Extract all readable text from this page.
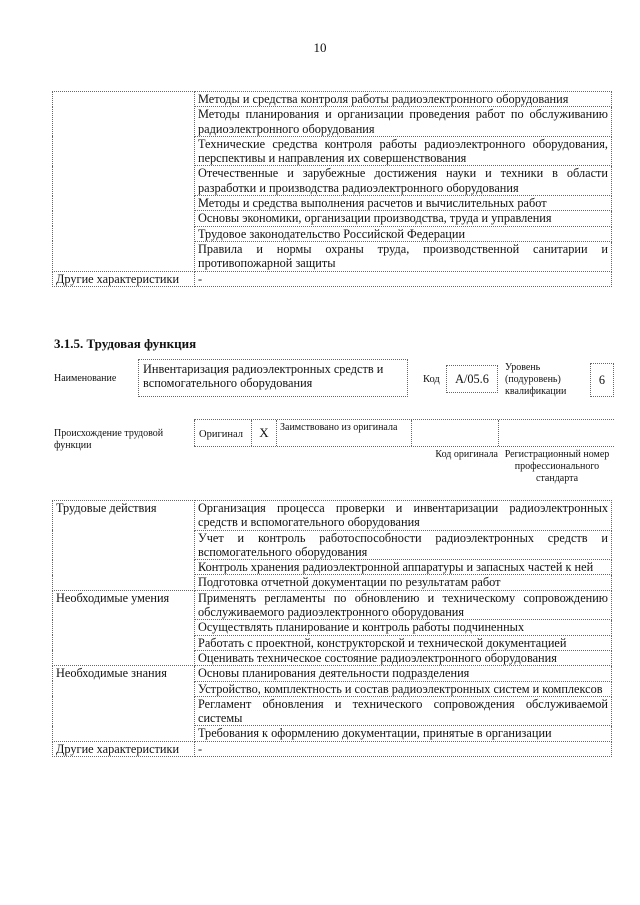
10
	Методы и средства контроля работы радиоэлектронного оборудования
	Методы планирования и организации проведения работ по обслуживанию радиоэлектронного оборудования
	Технические средства контроля работы радиоэлектронного оборудования, перспективы и направления их совершенствования
	Отечественные и зарубежные достижения науки и техники в области разработки и производства радиоэлектронного оборудования
	Методы и средства выполнения расчетов и вычислительных работ
	Основы экономики, организации производства, труда и управления
	Трудовое законодательство Российской Федерации
	Правила и нормы охраны труда, производственной санитарии и противопожарной защиты
Другие характеристики	-
3.1.5. Трудовая функция
Наименование
Инвентаризация радиоэлектронных средств и вспомогательного оборудования	Код	A/05.6
Уровень (подуровень) квалификации
6
Происхождение трудовой функции
Оригинал	X	Заимствовано из оригинала
Код оригинала Регистрационный номер профессионального стандарта
Трудовые действия	Организация процесса проверки и инвентаризации радиоэлектронных средств и вспомогательного оборудования
	Учет и контроль работоспособности радиоэлектронных средств и вспомогательного оборудования
	Контроль хранения радиоэлектронной аппаратуры и запасных частей к ней
	Подготовка отчетной документации по результатам работ
Необходимые умения	Применять регламенты по обновлению и техническому сопровождению обслуживаемого радиоэлектронного оборудования
	Осуществлять планирование и контроль работы подчиненных
	Работать с проектной, конструкторской и технической документацией
	Оценивать техническое состояние радиоэлектронного оборудования
Необходимые знания	Основы планирования деятельности подразделения
	Устройство, комплектность и состав радиоэлектронных систем и комплексов
	Регламент обновления и технического сопровождения обслуживаемой системы
	Требования к оформлению документации, принятые в организации
Другие характеристики	-
